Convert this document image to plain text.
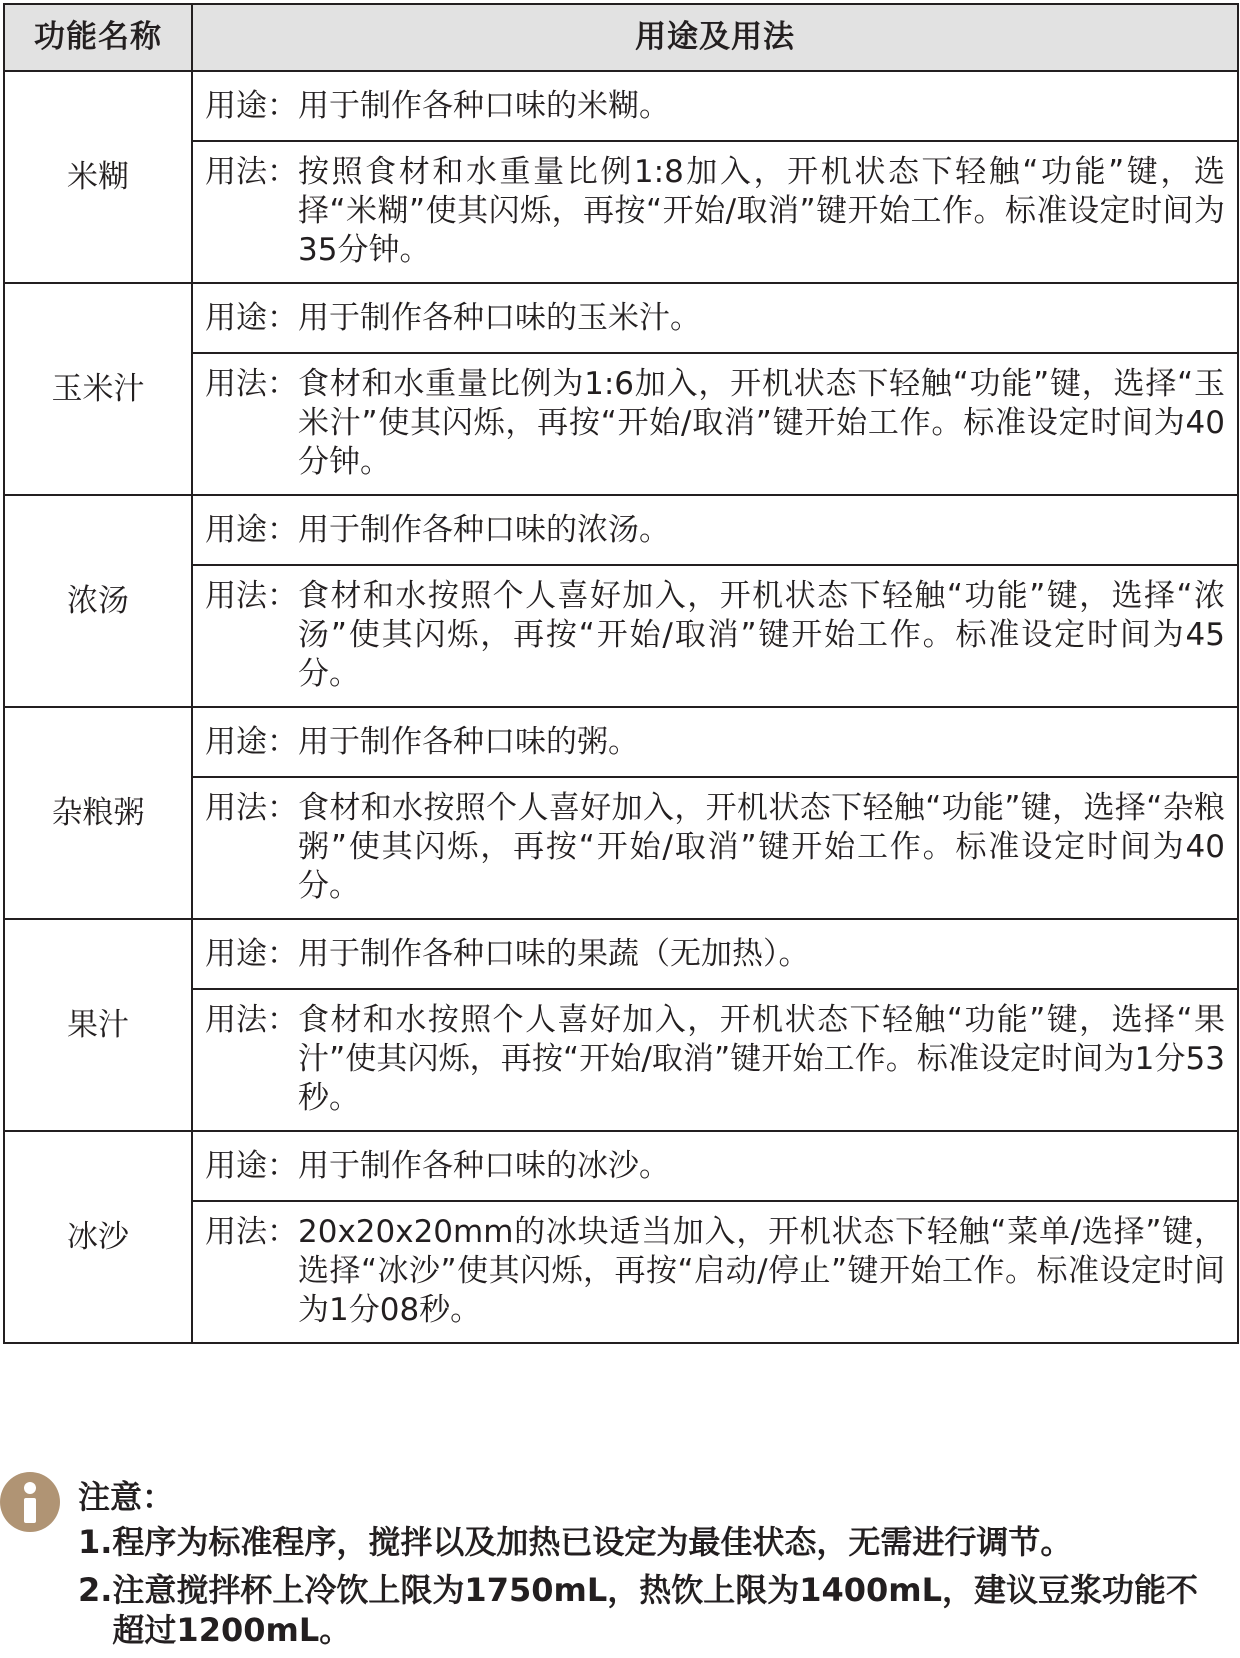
功能名称	用途及用法
米糊	用途： 用于制作各种口味的米糊。

	用法： 按照食材和水重量比例1:8加入，开机状态下轻触“功能”键，选择“米糊”使其闪烁，再按“开始/取消”键开始工作。标准设定时间为35分钟。

玉米汁	用途： 用于制作各种口味的玉米汁。

	用法： 食材和水重量比例为1:6加入，开机状态下轻触“功能”键，选择“玉米汁”使其闪烁，再按“开始/取消”键开始工作。标准设定时间为40分钟。

浓汤	用途： 用于制作各种口味的浓汤。

	用法： 食材和水按照个人喜好加入，开机状态下轻触“功能”键，选择“浓汤”使其闪烁，再按“开始/取消”键开始工作。标准设定时间为45分。

杂粮粥	用途： 用于制作各种口味的粥。

	用法： 食材和水按照个人喜好加入，开机状态下轻触“功能”键，选择“杂粮粥”使其闪烁，再按“开始/取消”键开始工作。标准设定时间为40分。

果汁	用途： 用于制作各种口味的果蔬（无加热）。

	用法： 食材和水按照个人喜好加入，开机状态下轻触“功能”键，选择“果汁”使其闪烁，再按“开始/取消”键开始工作。标准设定时间为1分53秒。

冰沙	用途： 用于制作各种口味的冰沙。

	用法： 20x20x20mm的冰块适当加入，开机状态下轻触“菜单/选择”键，选择“冰沙”使其闪烁，再按“启动/停止”键开始工作。标准设定时间为1分08秒。
注意：
1. 程序为标准程序，搅拌以及加热已设定为最佳状态，无需进行调节。
2. 注意搅拌杯上冷饮上限为1750mL，热饮上限为1400mL，建议豆浆功能不超过1200mL。
